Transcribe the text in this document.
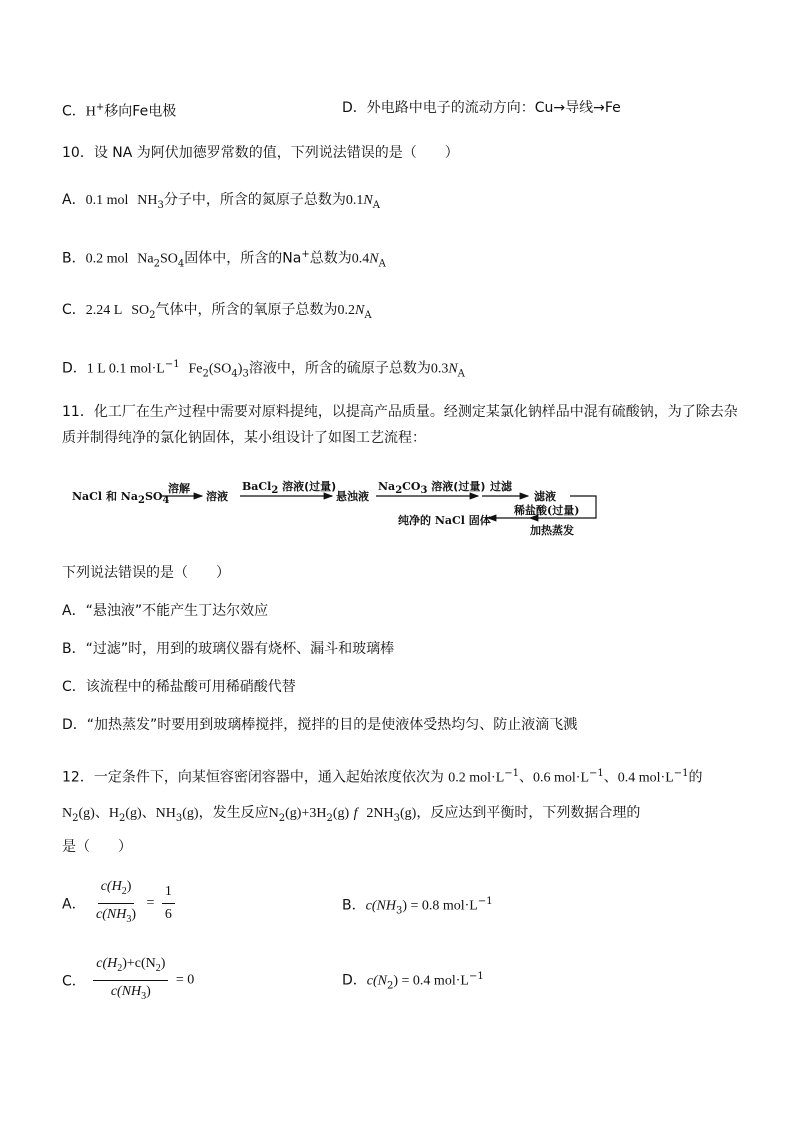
C．H+移向Fe电极	D．外电路中电子的流动方向：Cu→导线→Fe
10．设 NA 为阿伏加德罗常数的值，下列说法错误的是（　　）
A．0.1 mol $NH_3$分子中，所含的氮原子总数为$0.1N_A$
B．0.2 mol $Na_2SO_4$固体中，所含的Na+总数为$0.4N_A$
C．2.24 L $SO_2$气体中，所含的氧原子总数为$0.2N_A$
D．1 L 0.1 $mol\cdot L^{-1}$ $Fe_2(SO_4)_3$溶液中，所含的硫原子总数为$0.3N_A$
11．化工厂在生产过程中需要对原料提纯，以提高产品质量。经测定某氯化钠样品中混有硫酸钠，为了除去杂
质并制得纯净的氯化钠固体，某小组设计了如图工艺流程：
NaCl 和 $Na_2SO_4$
溶解
溶液
BaCl$_2$ 溶液(过量)
悬浊液
$Na_2CO_3$ 溶液(过量) 过滤
滤液
稀盐酸(过量)
纯净的 NaCl 固体
加热蒸发
下列说法错误的是（　　）
A．“悬浊液”不能产生丁达尔效应
B．“过滤”时，用到的玻璃仪器有烧杯、漏斗和玻璃棒
C．该流程中的稀盐酸可用稀硝酸代替
D．“加热蒸发”时要用到玻璃棒搅拌，搅拌的目的是使液体受热均匀、防止液滴飞溅
12．一定条件下，向某恒容密闭容器中，通入起始浓度依次为 0.2 $mol\cdot L^{-1}$、0.6 $mol\cdot L^{-1}$、0.4 $mol\cdot L^{-1}$的
$N_2(g)$、$H_2(g)$、$NH_3(g)$，发生反应$N_2(g)+3H_2(g)$ f $2NH_3(g)$，反应达到平衡时，下列数据合理的
是（　　）
A． $\frac{c(H_2)}{c(NH_3)} = \frac{1}{6}$	B．$c(NH_3) = 0.8$ $mol\cdot L^{-1}$
C． $\frac{c(H_2)+c(N_2)}{c(NH_3)} = 0$	D．$c(N_2) = 0.4$ $mol\cdot L^{-1}$
